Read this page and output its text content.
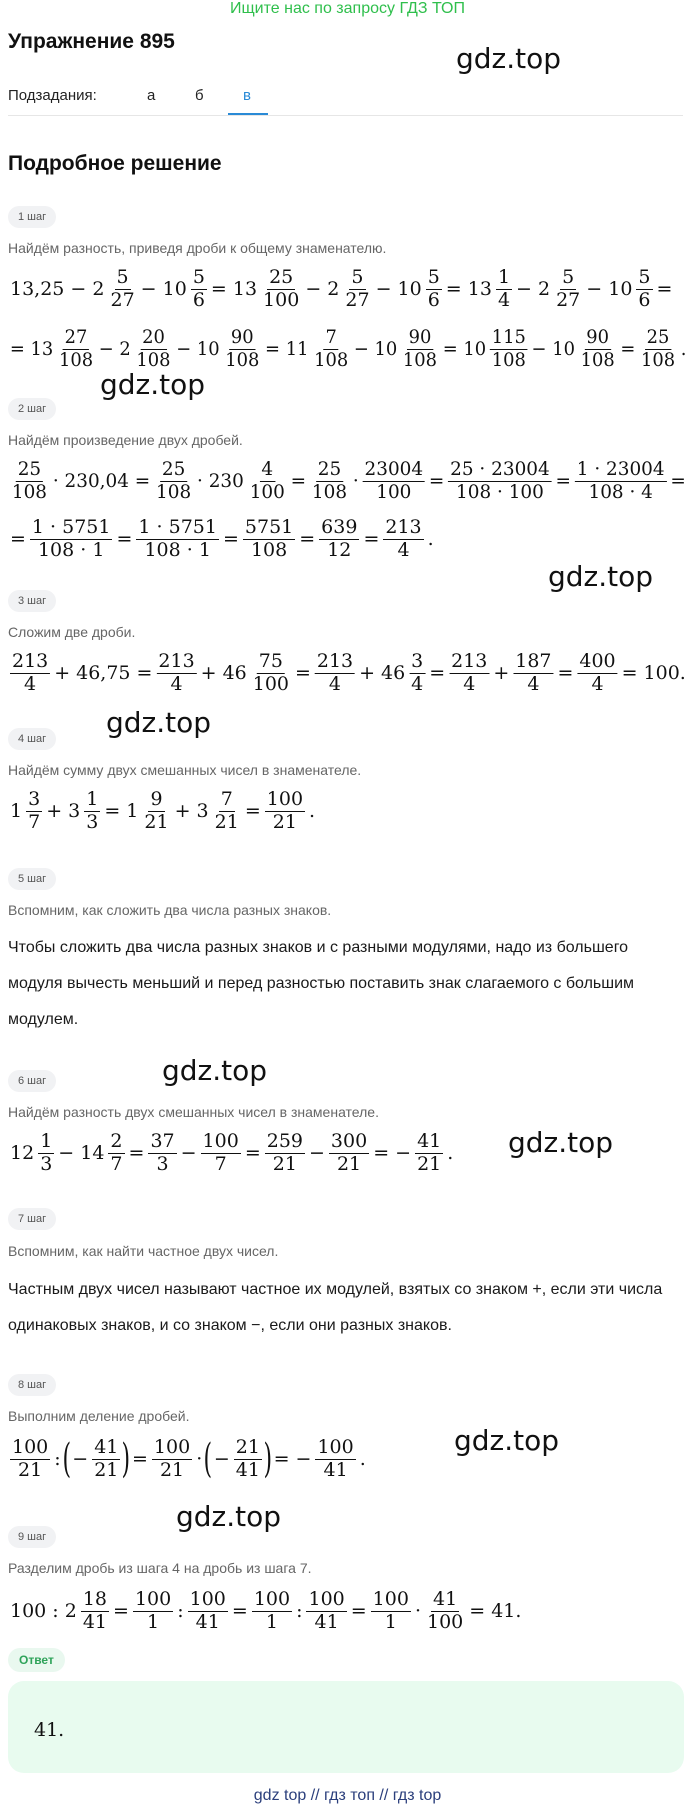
Ищите нас по запросу ГДЗ ТОП
Упражнение 895
gdz.top
Подзадания:	а	б	в
Подробное решение
1 шаг
Найдём разность, приведя дроби к общему знаменателю.
$13,25 - 2 \frac{5}{27} - 10 \frac{5}{6} = 13 \frac{25}{100} - 2 \frac{5}{27} - 10 \frac{5}{6} = 13 \frac{1}{4} - 2 \frac{5}{27} - 10 \frac{5}{6}$ =
= $13 \frac{27}{108} - 2 \frac{20}{108} - 10 \frac{90}{108} = 11 \frac{7}{108} - 10 \frac{90}{108} = 10 \frac{115}{108} - 10 \frac{90}{108} = \frac{25}{108}$ .
gdz.top
2 шаг
Найдём произведение двух дробей.
$\frac{25}{108} \cdot 230,04 = \frac{25}{108} \cdot 230 \frac{4}{100} = \frac{25}{108} \cdot \frac{23004}{100} = \frac{25 \cdot 23004}{108 \cdot 100} = \frac{1 \cdot 23004}{108 \cdot 4}$ =
= $\frac{1 \cdot 5751}{108 \cdot 1} = \frac{1 \cdot 5751}{108 \cdot 1} = \frac{5751}{108} = \frac{639}{12} = \frac{213}{4}$ .
gdz.top
3 шаг
Сложим две дроби.
$\frac{213}{4} + 46,75 = \frac{213}{4} + 46 \frac{75}{100} = \frac{213}{4} + 46 \frac{3}{4} = \frac{213}{4} + \frac{187}{4} = \frac{400}{4} = 100$.
gdz.top
4 шаг
Найдём сумму двух смешанных чисел в знаменателе.
$1 \frac{3}{7} + 3 \frac{1}{3} = 1 \frac{9}{21} + 3 \frac{7}{21} = \frac{100}{21}$ .
5 шаг
Вспомним, как сложить два числа разных знаков.
Чтобы сложить два числа разных знаков и с разными модулями, надо из большего модуля вычесть меньший и перед разностью поставить знак слагаемого с большим модулем.
gdz.top
6 шаг
Найдём разность двух смешанных чисел в знаменателе.
$12 \frac{1}{3} - 14 \frac{2}{7} = \frac{37}{3} - \frac{100}{7} = \frac{259}{21} - \frac{300}{21}$ = − $\frac{41}{21}$ . gdz.top
7 шаг
Вспомним, как найти частное двух чисел.
Частным двух чисел называют частное их модулей, взятых со знаком +, если эти числа одинаковых знаков, и со знаком −, если они разных знаков.
8 шаг
Выполним деление дробей.
$\frac{100}{21}$ : ( − $\frac{41}{21}$ ) = $\frac{100}{21}$ · ( − $\frac{21}{41}$ ) = − $\frac{100}{41}$ .
gdz.top
gdz.top
9 шаг
Разделим дробь из шага 4 на дробь из шага 7.
100 : $2 \frac{18}{41} = \frac{100}{1}$ : $\frac{100}{41} = \frac{100}{1}$ : $\frac{100}{41} = \frac{100}{1} \cdot \frac{41}{100} = 41$.
Ответ
41.
gdz top // гдз топ // гдз top
